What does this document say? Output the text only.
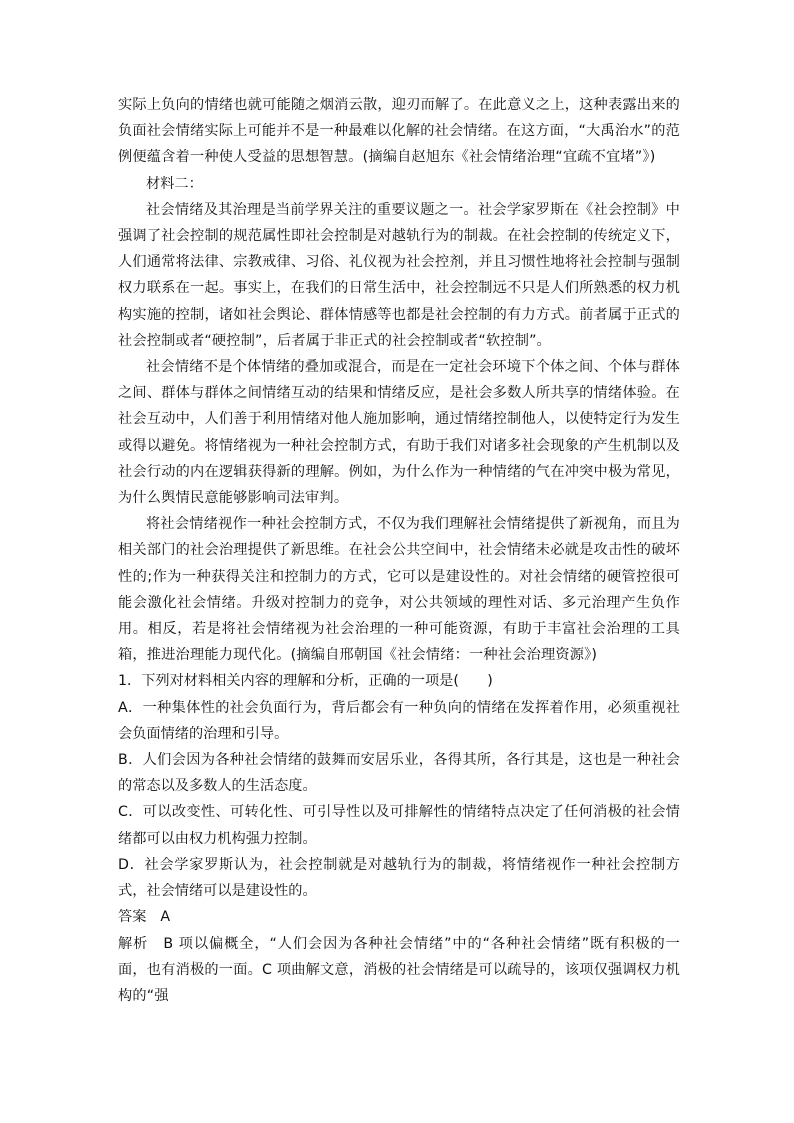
实际上负向的情绪也就可能随之烟消云散，迎刃而解了。在此意义之上，这种表露出来的负面社会情绪实际上可能并不是一种最难以化解的社会情绪。在这方面，“大禹治水”的范例便蕴含着一种使人受益的思想智慧。(摘编自赵旭东《社会情绪治理“宜疏不宜堵”》)

材料二：

社会情绪及其治理是当前学界关注的重要议题之一。社会学家罗斯在《社会控制》中强调了社会控制的规范属性即社会控制是对越轨行为的制裁。在社会控制的传统定义下，人们通常将法律、宗教戒律、习俗、礼仪视为社会控剂，并且习惯性地将社会控制与强制权力联系在一起。事实上，在我们的日常生活中，社会控制远不只是人们所熟悉的权力机构实施的控制，诸如社会舆论、群体情感等也都是社会控制的有力方式。前者属于正式的社会控制或者“硬控制”，后者属于非正式的社会控制或者“软控制”。

社会情绪不是个体情绪的叠加或混合，而是在一定社会环境下个体之间、个体与群体之间、群体与群体之间情绪互动的结果和情绪反应，是社会多数人所共享的情绪体验。在社会互动中，人们善于利用情绪对他人施加影响，通过情绪控制他人，以使特定行为发生或得以避免。将情绪视为一种社会控制方式，有助于我们对诸多社会现象的产生机制以及社会行动的内在逻辑获得新的理解。例如，为什么作为一种情绪的气在冲突中极为常见，为什么舆情民意能够影响司法审判。

将社会情绪视作一种社会控制方式，不仅为我们理解社会情绪提供了新视角，而且为相关部门的社会治理提供了新思维。在社会公共空间中，社会情绪未必就是攻击性的破坏性的;作为一种获得关注和控制力的方式，它可以是建设性的。对社会情绪的硬管控很可能会激化社会情绪。升级对控制力的竞争，对公共领域的理性对话、多元治理产生负作用。相反，若是将社会情绪视为社会治理的一种可能资源，有助于丰富社会治理的工具箱，推进治理能力现代化。(摘编自邢朝国《社会情绪：一种社会治理资源》)

1．下列对材料相关内容的理解和分析，正确的一项是(　　)

A．一种集体性的社会负面行为，背后都会有一种负向的情绪在发挥着作用，必须重视社会负面情绪的治理和引导。

B．人们会因为各种社会情绪的鼓舞而安居乐业，各得其所，各行其是，这也是一种社会的常态以及多数人的生活态度。

C．可以改变性、可转化性、可引导性以及可排解性的情绪特点决定了任何消极的社会情绪都可以由权力机构强力控制。

D．社会学家罗斯认为，社会控制就是对越轨行为的制裁，将情绪视作一种社会控制方式，社会情绪可以是建设性的。

答案 A

解析　B 项以偏概全，“人们会因为各种社会情绪”中的“各种社会情绪”既有积极的一面，也有消极的一面。C 项曲解文意，消极的社会情绪是可以疏导的，该项仅强调权力机构的“强
